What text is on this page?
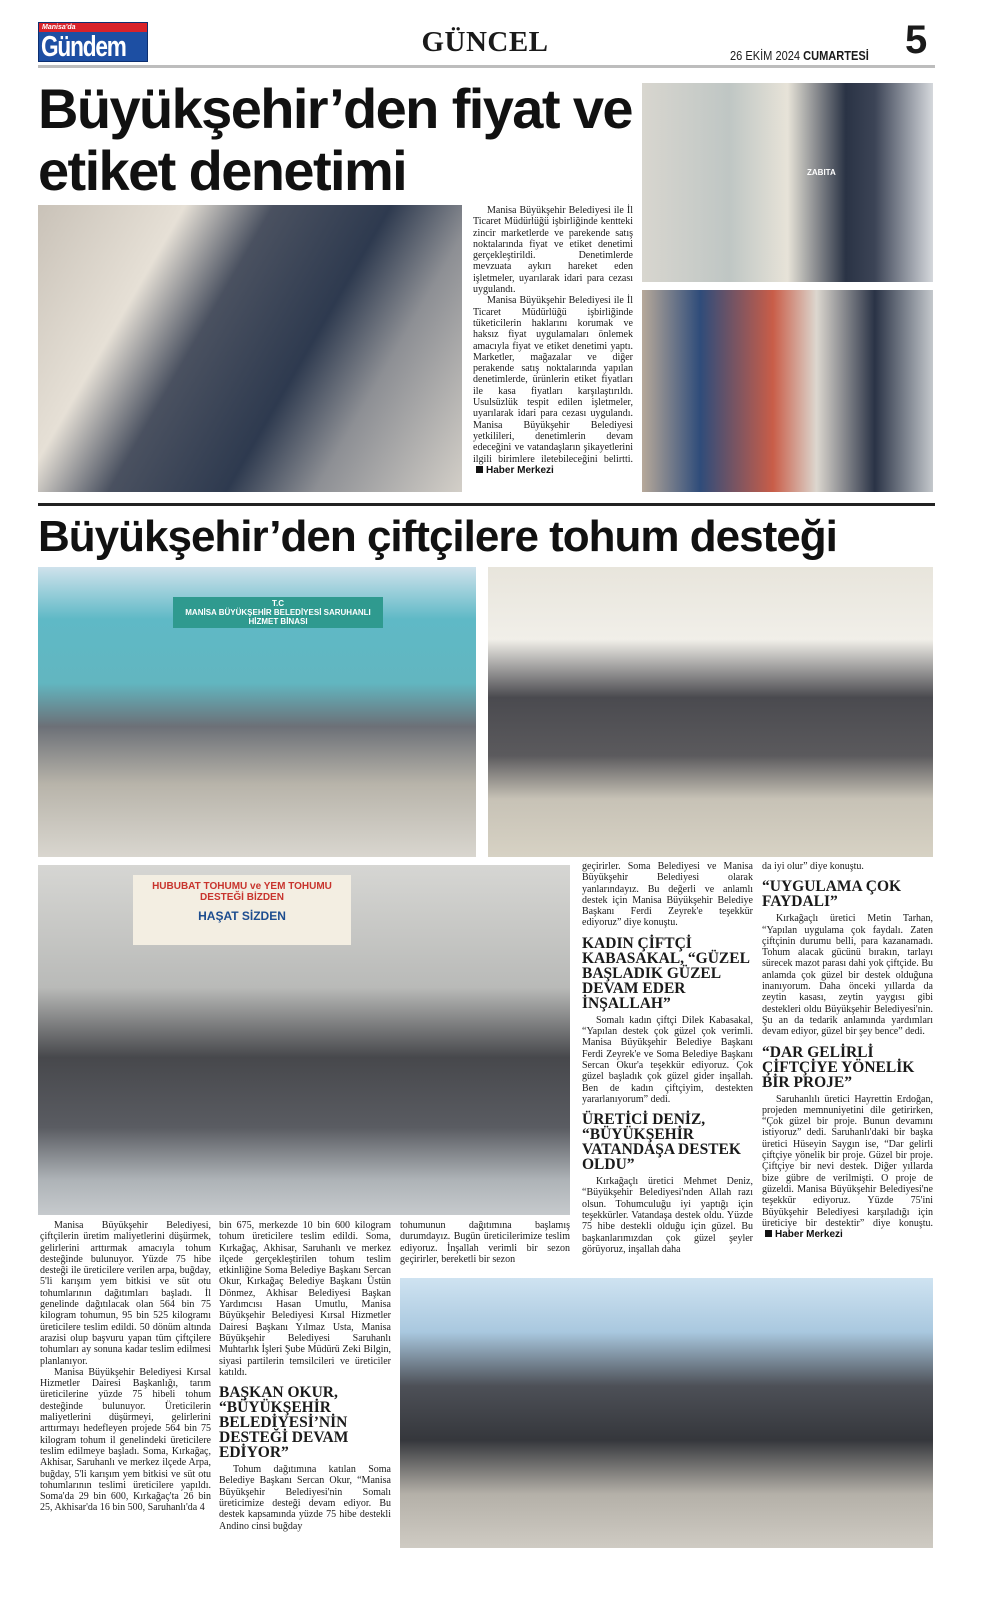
Manisa'da
Gündem	GÜNCEL	26 EKİM 2024 CUMARTESİ 5
Büyükşehir’den fiyat ve etiket denetimi

Manisa Büyükşehir Belediyesi ile İl Ticaret Müdürlüğü işbirliğinde kentteki zincir marketlerde ve parekende satış noktalarında fiyat ve etiket denetimi gerçekleştirildi. Denetimlerde mevzuata aykırı hareket eden işletmeler, uyarılarak idari para cezası uygulandı.

Manisa Büyükşehir Belediyesi ile İl Ticaret Müdürlüğü işbirliğinde tüketicilerin haklarını korumak ve haksız fiyat uygulamaları önlemek amacıyla fiyat ve etiket denetimi yaptı. Marketler, mağazalar ve diğer perakende satış noktalarında yapılan denetimlerde, ürünlerin etiket fiyatları ile kasa fiyatları karşılaştırıldı. Usulsüzlük tespit edilen işletmeler, uyarılarak idari para cezası uygulandı. Manisa Büyükşehir Belediyesi yetkilileri, denetimlerin devam edeceğini ve vatandaşların şikayetlerini ilgili birimlere iletebileceğini belirtti. Haber Merkezi

ZABITA
Büyükşehir’den çiftçilere tohum desteği
T.C
MANİSA BÜYÜKŞEHİR BELEDİYESİ SARUHANLI HİZMET BİNASI
HUBUBAT TOHUMU ve YEM TOHUMU DESTEĞİ BİZDEN
HAŞAT SİZDEN

Manisa Büyükşehir Belediyesi, çiftçilerin üretim maliyetlerini düşürmek, gelirlerini arttırmak amacıyla tohum desteğinde bulunuyor. Yüzde 75 hibe desteği ile üreticilere verilen arpa, buğday, 5'li karışım yem bitkisi ve süt otu tohumlarının dağıtımları başladı. İl genelinde dağıtılacak olan 564 bin 75 kilogram tohumun, 95 bin 525 kilogramı üreticilere teslim edildi. 50 dönüm altında arazisi olup başvuru yapan tüm çiftçilere tohumları ay sonuna kadar teslim edilmesi planlanıyor.

Manisa Büyükşehir Belediyesi Kırsal Hizmetler Dairesi Başkanlığı, tarım üreticilerine yüzde 75 hibeli tohum desteğinde bulunuyor. Üreticilerin maliyetlerini düşürmeyi, gelirlerini arttırmayı hedefleyen projede 564 bin 75 kilogram tohum il genelindeki üreticilere teslim edilmeye başladı. Soma, Kırkağaç, Akhisar, Saruhanlı ve merkez ilçede Arpa, buğday, 5'li karışım yem bitkisi ve süt otu tohumlarının teslimi üreticilere yapıldı. Soma'da 29 bin 600, Kırkağaç'ta 26 bin 25, Akhisar'da 16 bin 500, Saruhanlı'da 4

bin 675, merkezde 10 bin 600 kilogram tohum üreticilere teslim edildi. Soma, Kırkağaç, Akhisar, Saruhanlı ve merkez ilçede gerçekleştirilen tohum teslim etkinliğine Soma Belediye Başkanı Sercan Okur, Kırkağaç Belediye Başkanı Üstün Dönmez, Akhisar Belediyesi Başkan Yardımcısı Hasan Umutlu, Manisa Büyükşehir Belediyesi Kırsal Hizmetler Dairesi Başkanı Yılmaz Usta, Manisa Büyükşehir Belediyesi Saruhanlı Muhtarlık İşleri Şube Müdürü Zeki Bilgin, siyasi partilerin temsilcileri ve üreticiler katıldı.

BAŞKAN OKUR, “BÜYÜKŞEHİR BELEDİYESİ’NİN DESTEĞİ DEVAM EDİYOR”

Tohum dağıtımına katılan Soma Belediye Başkanı Sercan Okur, “Manisa Büyükşehir Belediyesi'nin Somalı üreticimize desteği devam ediyor. Bu destek kapsamında yüzde 75 hibe destekli Andino cinsi buğday

tohumunun dağıtımına başlamış durumdayız. Bugün üreticilerimize teslim ediyoruz. İnşallah verimli bir sezon geçirirler, bereketli bir sezon

geçirirler. Soma Belediyesi ve Manisa Büyükşehir Belediyesi olarak yanlarındayız. Bu değerli ve anlamlı destek için Manisa Büyükşehir Belediye Başkanı Ferdi Zeyrek'e teşekkür ediyoruz” diye konuştu.

KADIN ÇİFTÇİ KABASAKAL, “GÜZEL BAŞLADIK GÜZEL DEVAM EDER İNŞALLAH”

Somalı kadın çiftçi Dilek Kabasakal, “Yapılan destek çok güzel çok verimli. Manisa Büyükşehir Belediye Başkanı Ferdi Zeyrek'e ve Soma Belediye Başkanı Sercan Okur'a teşekkür ediyoruz. Çok güzel başladık çok güzel gider inşallah. Ben de kadın çiftçiyim, destekten yararlanıyorum” dedi.

ÜRETİCİ DENİZ, “BÜYÜKŞEHİR VATANDAŞA DESTEK OLDU”

Kırkağaçlı üretici Mehmet Deniz, “Büyükşehir Belediyesi'nden Allah razı olsun. Tohumculuğu iyi yaptığı için teşekkürler. Vatandaşa destek oldu. Yüzde 75 hibe destekli olduğu için güzel. Bu başkanlarımızdan çok güzel şeyler görüyoruz, inşallah daha

da iyi olur” diye konuştu.

“UYGULAMA ÇOK FAYDALI”

Kırkağaçlı üretici Metin Tarhan, “Yapılan uygulama çok faydalı. Zaten çiftçinin durumu belli, para kazanamadı. Tohum alacak gücünü bırakın, tarlayı sürecek mazot parası dahi yok çiftçide. Bu anlamda çok güzel bir destek olduğuna inanıyorum. Daha önceki yıllarda da zeytin kasası, zeytin yaygısı gibi destekleri oldu Büyükşehir Belediyesi'nin. Şu an da tedarik anlamında yardımları devam ediyor, güzel bir şey bence” dedi.

“DAR GELİRLİ ÇİFTÇİYE YÖNELİK BİR PROJE”

Saruhanlılı üretici Hayrettin Erdoğan, projeden memnuniyetini dile getirirken, “Çok güzel bir proje. Bunun devamını istiyoruz” dedi. Saruhanlı'daki bir başka üretici Hüseyin Saygın ise, “Dar gelirli çiftçiye yönelik bir proje. Güzel bir proje. Çiftçiye bir nevi destek. Diğer yıllarda bize gübre de verilmişti. O proje de güzeldi. Manisa Büyükşehir Belediyesi'ne teşekkür ediyoruz. Yüzde 75'ini Büyükşehir Belediyesi karşıladığı için üreticiye bir destektir” diye konuştu. Haber Merkezi
